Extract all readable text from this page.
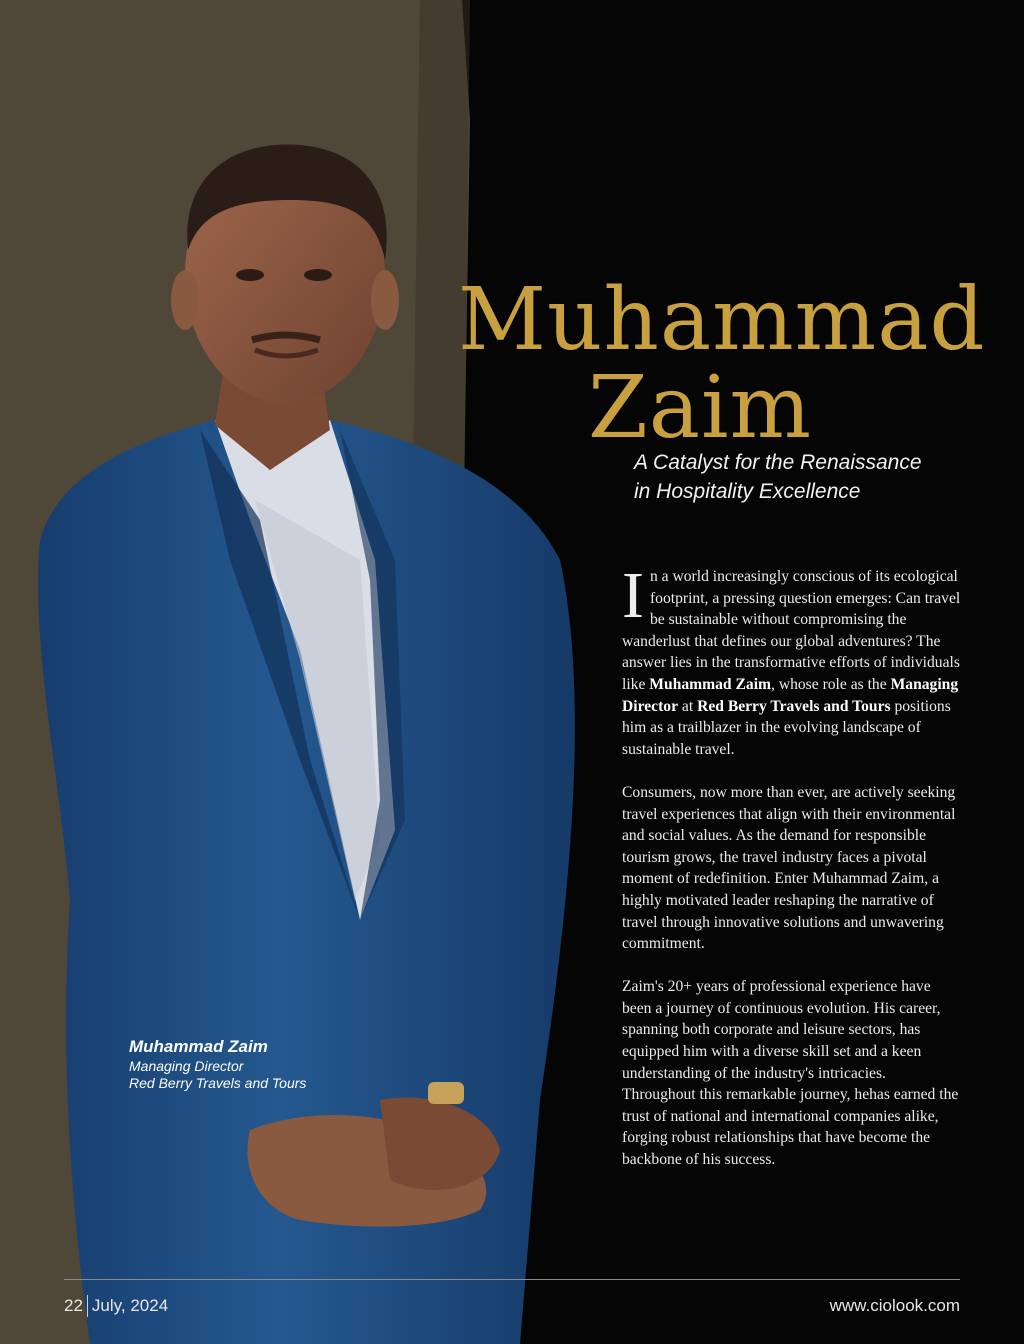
Muhammad
Zaim
A Catalyst for the Renaissance
in Hospitality Excellence

In a world increasingly conscious of its ecological footprint, a pressing question emerges: Can travel be sustainable without compromising the wanderlust that defines our global adventures? The answer lies in the transformative efforts of individuals like Muhammad Zaim, whose role as the Managing Director at Red Berry Travels and Tours positions him as a trailblazer in the evolving landscape of sustainable travel.

Consumers, now more than ever, are actively seeking travel experiences that align with their environmental and social values. As the demand for responsible tourism grows, the travel industry faces a pivotal moment of redefinition. Enter Muhammad Zaim, a highly motivated leader reshaping the narrative of travel through innovative solutions and unwavering commitment.

Zaim's 20+ years of professional experience have been a journey of continuous evolution. His career, spanning both corporate and leisure sectors, has equipped him with a diverse skill set and a keen understanding of the industry's intricacies. Throughout this remarkable journey, hehas earned the trust of national and international companies alike, forging robust relationships that have become the backbone of his success.

Muhammad Zaim
Managing Director
Red Berry Travels and Tours
22 July, 2024	www.ciolook.com
